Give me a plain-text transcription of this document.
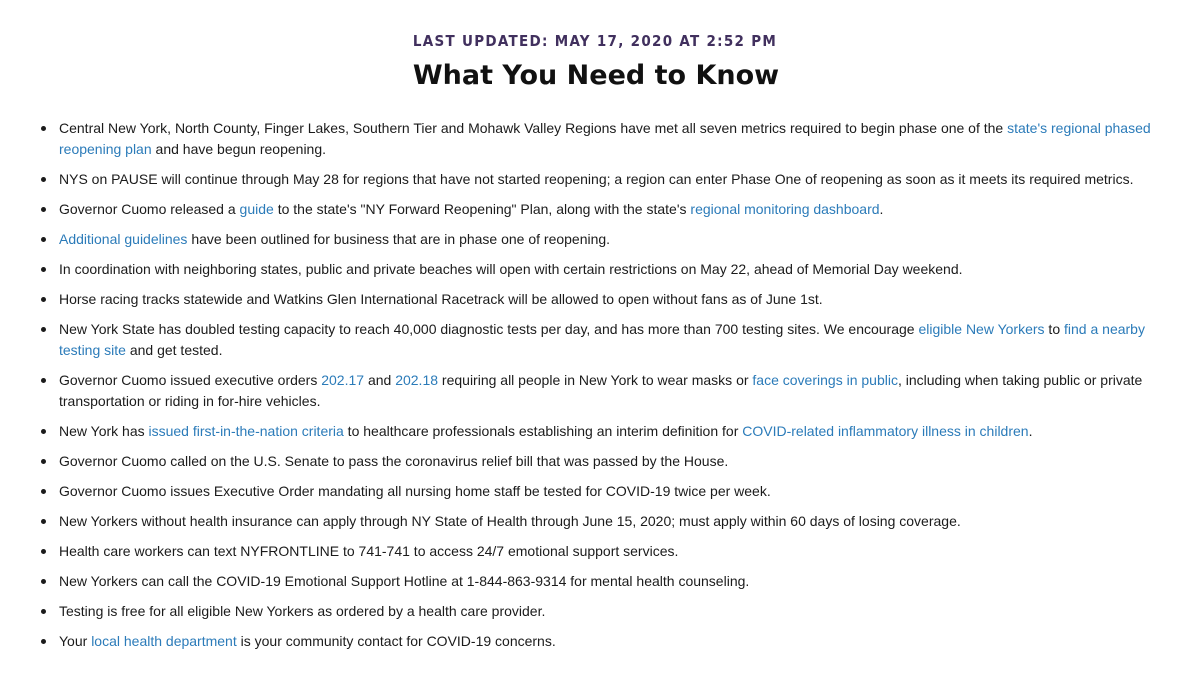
LAST UPDATED: MAY 17, 2020 AT 2:52 PM
What You Need to Know
Central New York, North County, Finger Lakes, Southern Tier and Mohawk Valley Regions have met all seven metrics required to begin phase one of the state's regional phased reopening plan and have begun reopening.
NYS on PAUSE will continue through May 28 for regions that have not started reopening; a region can enter Phase One of reopening as soon as it meets its required metrics.
Governor Cuomo released a guide to the state's "NY Forward Reopening" Plan, along with the state's regional monitoring dashboard.
Additional guidelines have been outlined for business that are in phase one of reopening.
In coordination with neighboring states, public and private beaches will open with certain restrictions on May 22, ahead of Memorial Day weekend.
Horse racing tracks statewide and Watkins Glen International Racetrack will be allowed to open without fans as of June 1st.
New York State has doubled testing capacity to reach 40,000 diagnostic tests per day, and has more than 700 testing sites. We encourage eligible New Yorkers to find a nearby testing site and get tested.
Governor Cuomo issued executive orders 202.17 and 202.18 requiring all people in New York to wear masks or face coverings in public, including when taking public or private transportation or riding in for-hire vehicles.
New York has issued first-in-the-nation criteria to healthcare professionals establishing an interim definition for COVID-related inflammatory illness in children.
Governor Cuomo called on the U.S. Senate to pass the coronavirus relief bill that was passed by the House.
Governor Cuomo issues Executive Order mandating all nursing home staff be tested for COVID-19 twice per week.
New Yorkers without health insurance can apply through NY State of Health through June 15, 2020; must apply within 60 days of losing coverage.
Health care workers can text NYFRONTLINE to 741-741 to access 24/7 emotional support services.
New Yorkers can call the COVID-19 Emotional Support Hotline at 1-844-863-9314 for mental health counseling.
Testing is free for all eligible New Yorkers as ordered by a health care provider.
Your local health department is your community contact for COVID-19 concerns.
